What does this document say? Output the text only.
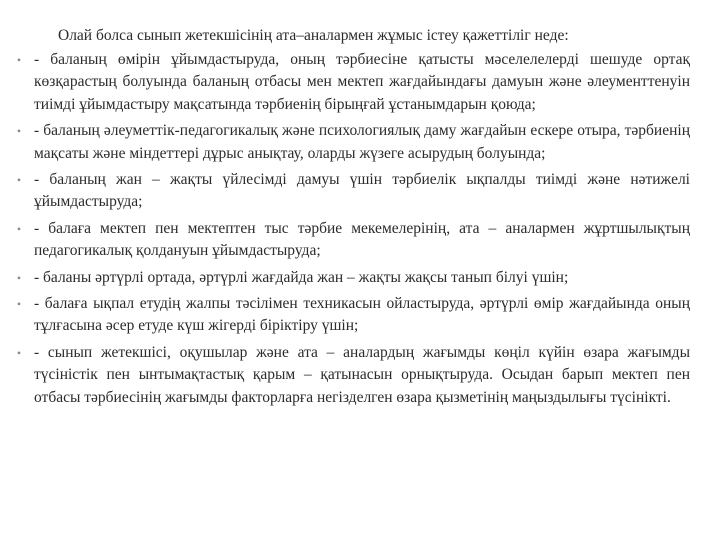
Олай болса сынып жетекшісінің ата–аналармен жұмыс істеу қажеттіліг неде:

• - баланың өмірін ұйымдастыруда, оның тәрбиесіне қатысты мәселелелерді шешуде ортақ көзқарастың болуында баланың отбасы мен мектеп жағдайындағы дамуын және әлеументтенуін тиімді ұйымдастыру мақсатында тәрбиенің бірыңғай ұстанымдарын қоюда;
• - баланың әлеуметтік-педагогикалық және психологиялық даму жағдайын ескере отыра, тәрбиенің мақсаты және міндеттері дұрыс анықтау, оларды жүзеге асырудың болуында;
• - баланың жан – жақты үйлесімді дамуы үшін тәрбиелік ықпалды тиімді және нәтижелі ұйымдастыруда;
• - балаға мектеп пен мектептен тыс тәрбие мекемелерінің, ата – аналармен жұртшылықтың педагогикалық қолдануын ұйымдастыруда;
• - баланы әртүрлі ортада, әртүрлі жағдайда жан – жақты жақсы танып білуі үшін;
• - балаға ықпал етудің жалпы тәсілімен техникасын ойластыруда, әртүрлі өмір жағдайында оның тұлғасына әсер етуде күш жігерді біріктіру үшін;
• - сынып жетекшісі, оқушылар және ата – аналардың жағымды көңіл күйін өзара жағымды түсіністік пен ынтымақтастық қарым – қатынасын орнықтыруда. Осыдан барып мектеп пен отбасы тәрбиесінің жағымды факторларға негізделген өзара қызметінің маңыздылығы түсінікті.
